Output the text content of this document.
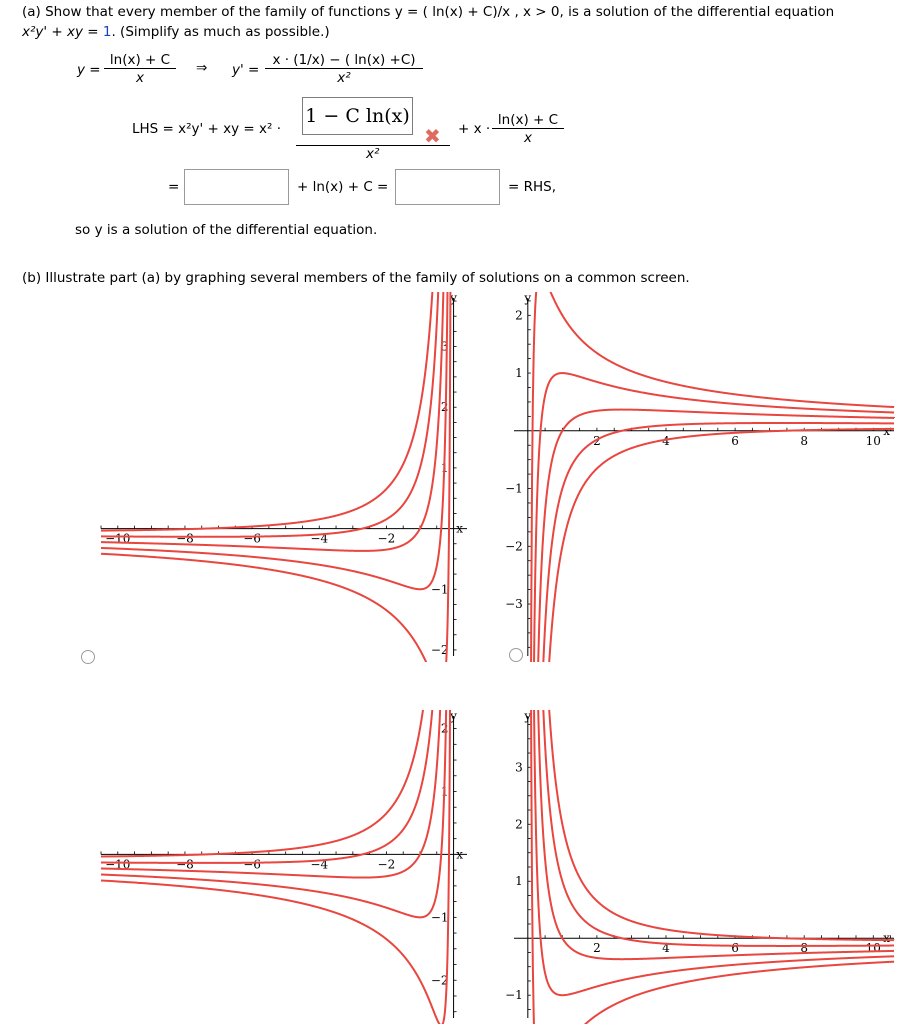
(a) Show that every member of the family of functions y = ( ln(x) + C)/x , x > 0, is a solution of the differential equation
x²y' + xy = 1. (Simplify as much as possible.)
$y = \frac{\ln(x) + C}{x}$ ⇒ $y' = \frac{x \cdot (1/x) - ( \ln(x) +C)}{\text{x²}}$
LHS = x²y' + xy = x² ·
1 − C ln(x)
x²
✖ + $x \cdot \frac{\ln(x) + C}{x}$
=	+ ln(x) + C =	= RHS,
so y is a solution of the differential equation.
(b) Illustrate part (a) by graphing several members of the family of solutions on a common screen.
−10	−8	−6	−4	−2
−2
−1
1
2
3
x
y
2	4	6	8	10
−3
−2
−1
1
2
x
y
−10	−8	−6	−4	−2
−2
−1
1
2
x
y
2	4	6	8	10
−1
1
2
3
x
y
